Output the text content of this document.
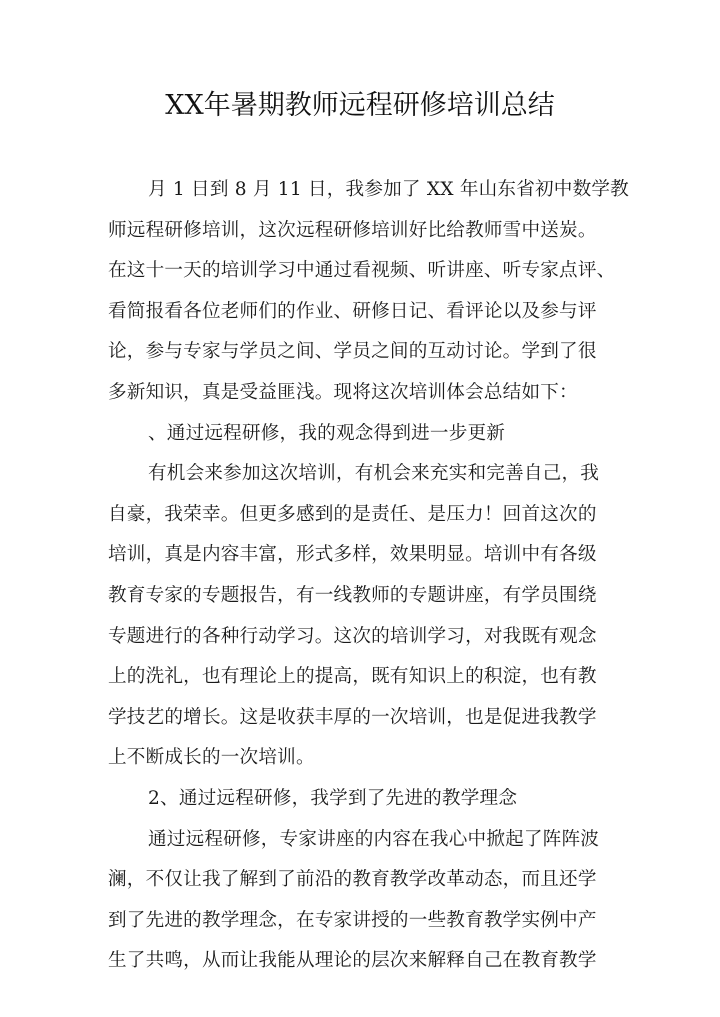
XX年暑期教师远程研修培训总结
月 1 日到 8 月 11 日，我参加了 XX 年山东省初中数学教
师远程研修培训，这次远程研修培训好比给教师雪中送炭。
在这十一天的培训学习中通过看视频、听讲座、听专家点评、
看简报看各位老师们的作业、研修日记、看评论以及参与评
论，参与专家与学员之间、学员之间的互动讨论。学到了很
多新知识，真是受益匪浅。现将这次培训体会总结如下：
、通过远程研修，我的观念得到进一步更新
有机会来参加这次培训，有机会来充实和完善自己，我
自豪，我荣幸。但更多感到的是责任、是压力！回首这次的
培训，真是内容丰富，形式多样，效果明显。培训中有各级
教育专家的专题报告，有一线教师的专题讲座，有学员围绕
专题进行的各种行动学习。这次的培训学习，对我既有观念
上的洗礼，也有理论上的提高，既有知识上的积淀，也有教
学技艺的增长。这是收获丰厚的一次培训，也是促进我教学
上不断成长的一次培训。
2、通过远程研修，我学到了先进的教学理念
通过远程研修，专家讲座的内容在我心中掀起了阵阵波
澜，不仅让我了解到了前沿的教育教学改革动态，而且还学
到了先进的教学理念，在专家讲授的一些教育教学实例中产
生了共鸣，从而让我能从理论的层次来解释自己在教育教学
